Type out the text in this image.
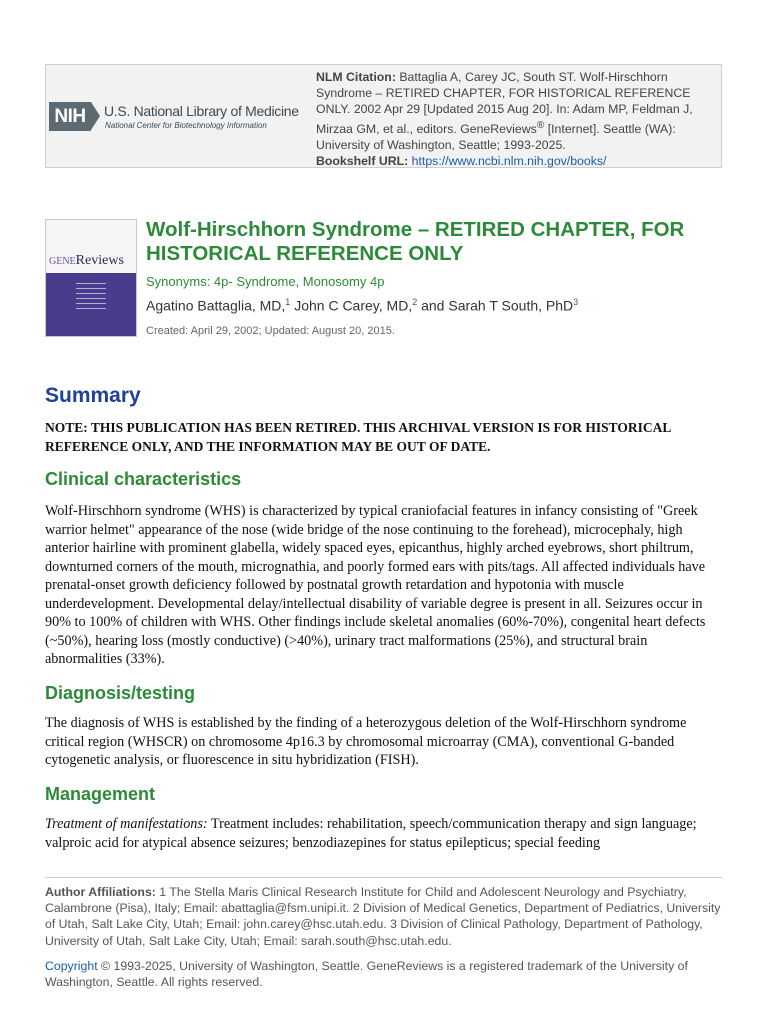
NIH	U.S. National Library of Medicine
National Center for Biotechnology Information
NLM Citation: Battaglia A, Carey JC, South ST. Wolf-Hirschhorn Syndrome – RETIRED CHAPTER, FOR HISTORICAL REFERENCE ONLY. 2002 Apr 29 [Updated 2015 Aug 20]. In: Adam MP, Feldman J, Mirzaa GM, et al., editors. GeneReviews® [Internet]. Seattle (WA): University of Washington, Seattle; 1993-2025.
Bookshelf URL: https://www.ncbi.nlm.nih.gov/books/
GENEReviews
Wolf-Hirschhorn Syndrome – RETIRED CHAPTER, FOR HISTORICAL REFERENCE ONLY
Synonyms: 4p- Syndrome, Monosomy 4p
Agatino Battaglia, MD,$^1$ John C Carey, MD,$^2$ and Sarah T South, PhD$^3$
Created: April 29, 2002; Updated: August 20, 2015.
Summary
NOTE: THIS PUBLICATION HAS BEEN RETIRED. THIS ARCHIVAL VERSION IS FOR HISTORICAL REFERENCE ONLY, AND THE INFORMATION MAY BE OUT OF DATE.
Clinical characteristics
Wolf-Hirschhorn syndrome (WHS) is characterized by typical craniofacial features in infancy consisting of "Greek warrior helmet" appearance of the nose (wide bridge of the nose continuing to the forehead), microcephaly, high anterior hairline with prominent glabella, widely spaced eyes, epicanthus, highly arched eyebrows, short philtrum, downturned corners of the mouth, micrognathia, and poorly formed ears with pits/tags. All affected individuals have prenatal-onset growth deficiency followed by postnatal growth retardation and hypotonia with muscle underdevelopment. Developmental delay/intellectual disability of variable degree is present in all. Seizures occur in 90% to 100% of children with WHS. Other findings include skeletal anomalies (60%-70%), congenital heart defects (~50%), hearing loss (mostly conductive) (>40%), urinary tract malformations (25%), and structural brain abnormalities (33%).
Diagnosis/testing
The diagnosis of WHS is established by the finding of a heterozygous deletion of the Wolf-Hirschhorn syndrome critical region (WHSCR) on chromosome 4p16.3 by chromosomal microarray (CMA), conventional G-banded cytogenetic analysis, or fluorescence in situ hybridization (FISH).
Management
Treatment of manifestations: Treatment includes: rehabilitation, speech/communication therapy and sign language; valproic acid for atypical absence seizures; benzodiazepines for status epilepticus; special feeding
Author Affiliations: 1 The Stella Maris Clinical Research Institute for Child and Adolescent Neurology and Psychiatry, Calambrone (Pisa), Italy; Email: abattaglia@fsm.unipi.it. 2 Division of Medical Genetics, Department of Pediatrics, University of Utah, Salt Lake City, Utah; Email: john.carey@hsc.utah.edu. 3 Division of Clinical Pathology, Department of Pathology, University of Utah, Salt Lake City, Utah; Email: sarah.south@hsc.utah.edu.
Copyright © 1993-2025, University of Washington, Seattle. GeneReviews is a registered trademark of the University of Washington, Seattle. All rights reserved.
